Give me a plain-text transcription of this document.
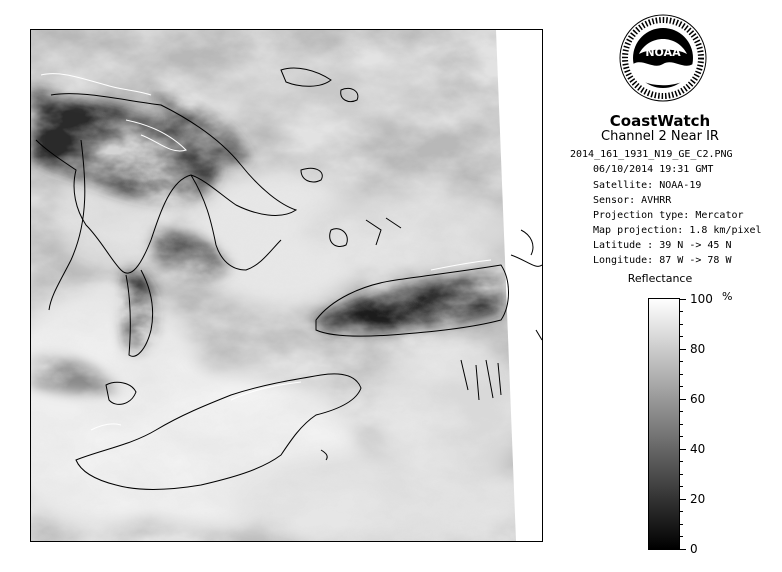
NOAA
CoastWatch
Channel 2 Near IR
2014_161_1931_N19_GE_C2.PNG
06/10/2014 19:31 GMT
Satellite: NOAA-19
Sensor: AVHRR
Projection type: Mercator
Map projection: 1.8 km/pixel
Latitude : 39 N -> 45 N
Longitude: 87 W -> 78 W
Reflectance
%
100
80
60
40
20
0
